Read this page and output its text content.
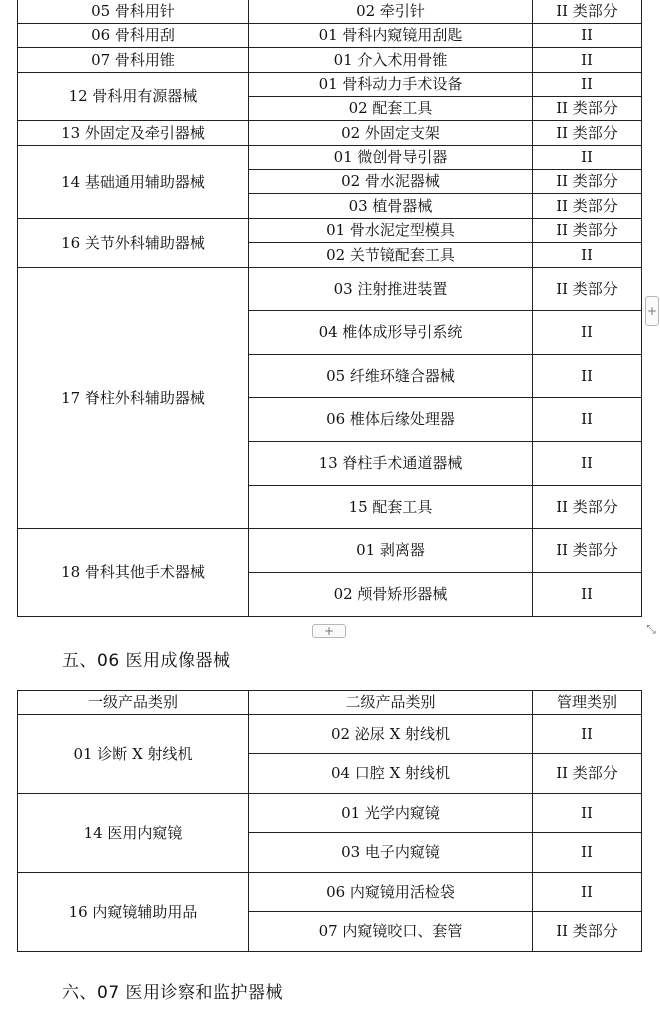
05 骨科用针	02 牵引针	II 类部分
06 骨科用刮	01 骨科内窥镜用刮匙	II
07 骨科用锥	01 介入术用骨锥	II
12 骨科用有源器械	01 骨科动力手术设备	II
	02 配套工具	II 类部分
13 外固定及牵引器械	02 外固定支架	II 类部分
14 基础通用辅助器械	01 微创骨导引器	II
	02 骨水泥器械	II 类部分
	03 植骨器械	II 类部分
16 关节外科辅助器械	01 骨水泥定型模具	II 类部分
	02 关节镜配套工具	II
17 脊柱外科辅助器械	03 注射推进装置	II 类部分
	04 椎体成形导引系统	II
	05 纤维环缝合器械	II
	06 椎体后缘处理器	II
	13 脊柱手术通道器械	II
	15 配套工具	II 类部分
18 骨科其他手术器械	01 剥离器	II 类部分
	02 颅骨矫形器械	II
+
+
⤡
五、06 医用成像器械
一级产品类别	二级产品类别	管理类别
01 诊断 X 射线机	02 泌尿 X 射线机	II
	04 口腔 X 射线机	II 类部分
14 医用内窥镜	01 光学内窥镜	II
	03 电子内窥镜	II
16 内窥镜辅助用品	06 内窥镜用活检袋	II
	07 内窥镜咬口、套管	II 类部分
六、07 医用诊察和监护器械
